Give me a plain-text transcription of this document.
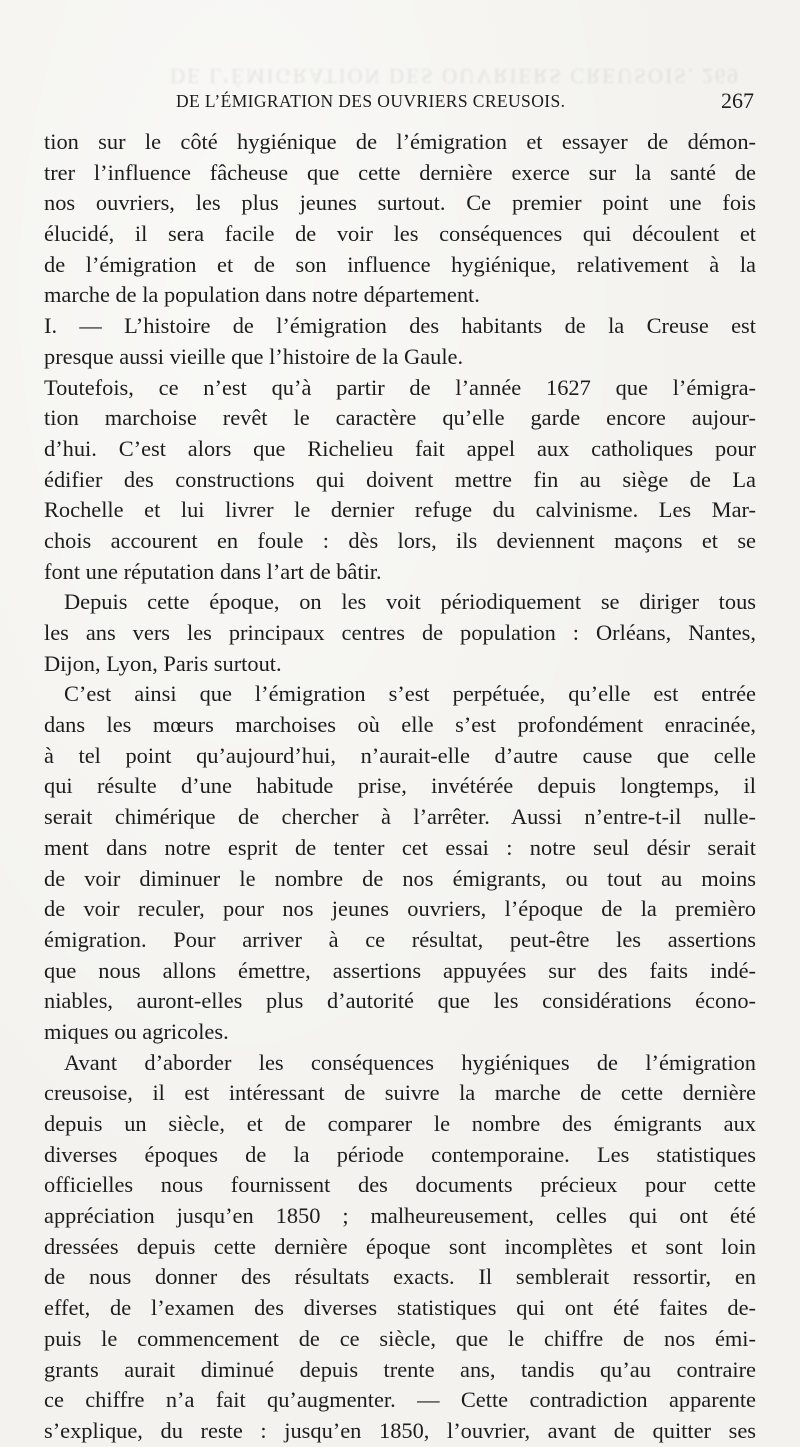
DE L’ÉMIGRATION DES OUVRIERS CREUSOIS. 269
DE L’ÉMIGRATION DES OUVRIERS CREUSOIS.	267
tion sur le côté hygiénique de l’émigration et essayer de démon-
trer l’influence fâcheuse que cette dernière exerce sur la santé de
nos ouvriers, les plus jeunes surtout. Ce premier point une fois
élucidé, il sera facile de voir les conséquences qui découlent et
de l’émigration et de son influence hygiénique, relativement à la
marche de la population dans notre département.
I. — L’histoire de l’émigration des habitants de la Creuse est
presque aussi vieille que l’histoire de la Gaule.
Toutefois, ce n’est qu’à partir de l’année 1627 que l’émigra-
tion marchoise revêt le caractère qu’elle garde encore aujour-
d’hui. C’est alors que Richelieu fait appel aux catholiques pour
édifier des constructions qui doivent mettre fin au siège de La
Rochelle et lui livrer le dernier refuge du calvinisme. Les Mar-
chois accourent en foule : dès lors, ils deviennent maçons et se
font une réputation dans l’art de bâtir.
Depuis cette époque, on les voit périodiquement se diriger tous
les ans vers les principaux centres de population : Orléans, Nantes,
Dijon, Lyon, Paris surtout.
C’est ainsi que l’émigration s’est perpétuée, qu’elle est entrée
dans les mœurs marchoises où elle s’est profondément enracinée,
à tel point qu’aujourd’hui, n’aurait-elle d’autre cause que celle
qui résulte d’une habitude prise, invétérée depuis longtemps, il
serait chimérique de chercher à l’arrêter. Aussi n’entre-t-il nulle-
ment dans notre esprit de tenter cet essai : notre seul désir serait
de voir diminuer le nombre de nos émigrants, ou tout au moins
de voir reculer, pour nos jeunes ouvriers, l’époque de la premièro
émigration. Pour arriver à ce résultat, peut-être les assertions
que nous allons émettre, assertions appuyées sur des faits indé-
niables, auront-elles plus d’autorité que les considérations écono-
miques ou agricoles.
Avant d’aborder les conséquences hygiéniques de l’émigration
creusoise, il est intéressant de suivre la marche de cette dernière
depuis un siècle, et de comparer le nombre des émigrants aux
diverses époques de la période contemporaine. Les statistiques
officielles nous fournissent des documents précieux pour cette
appréciation jusqu’en 1850 ; malheureusement, celles qui ont été
dressées depuis cette dernière époque sont incomplètes et sont loin
de nous donner des résultats exacts. Il semblerait ressortir, en
effet, de l’examen des diverses statistiques qui ont été faites de-
puis le commencement de ce siècle, que le chiffre de nos émi-
grants aurait diminué depuis trente ans, tandis qu’au contraire
ce chiffre n’a fait qu’augmenter. — Cette contradiction apparente
s’explique, du reste : jusqu’en 1850, l’ouvrier, avant de quitter ses
